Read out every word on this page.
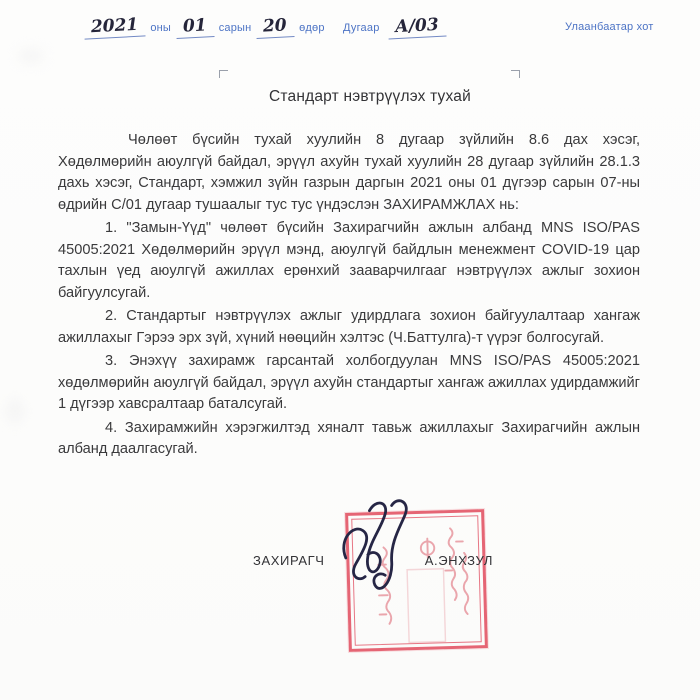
2021	оны 01	сарын 20	өдөр Дугаар А/03	Улаанбаатар хот
Стандарт нэвтрүүлэх тухай

Чөлөөт бүсийн тухай хуулийн 8 дугаар зүйлийн 8.6 дах хэсэг, Хөдөлмөрийн аюулгүй байдал, эрүүл ахуйн тухай хуулийн 28 дугаар зүйлийн 28.1.3 дахь хэсэг, Стандарт, хэмжил зүйн газрын даргын 2021 оны 01 дүгээр сарын 07-ны өдрийн С/01 дугаар тушаалыг тус тус үндэслэн ЗАХИРАМЖЛАХ нь:

1. "Замын-Үүд" чөлөөт бүсийн Захирагчийн ажлын албанд MNS ISO/PAS 45005:2021 Хөдөлмөрийн эрүүл мэнд, аюулгүй байдлын менежмент COVID-19 цар тахлын үед аюулгүй ажиллах ерөнхий зааварчилгааг нэвтрүүлэх ажлыг зохион байгуулсугай.

2. Стандартыг нэвтрүүлэх ажлыг удирдлага зохион байгуулалтаар хангаж ажиллахыг Гэрээ эрх зүй, хүний нөөцийн хэлтэс (Ч.Баттулга)-т үүрэг болгосугай.

3. Энэхүү захирамж гарсантай холбогдуулан MNS ISO/PAS 45005:2021 хөдөлмөрийн аюулгүй байдал, эрүүл ахуйн стандартыг хангаж ажиллах удирдамжийг 1 дүгээр хавсралтаар баталсугай.

4. Захирамжийн хэрэгжилтэд хяналт тавьж ажиллахыг Захирагчийн ажлын албанд даалгасугай.

ЗАХИРАГЧ	А.ЭНХЗУЛ
